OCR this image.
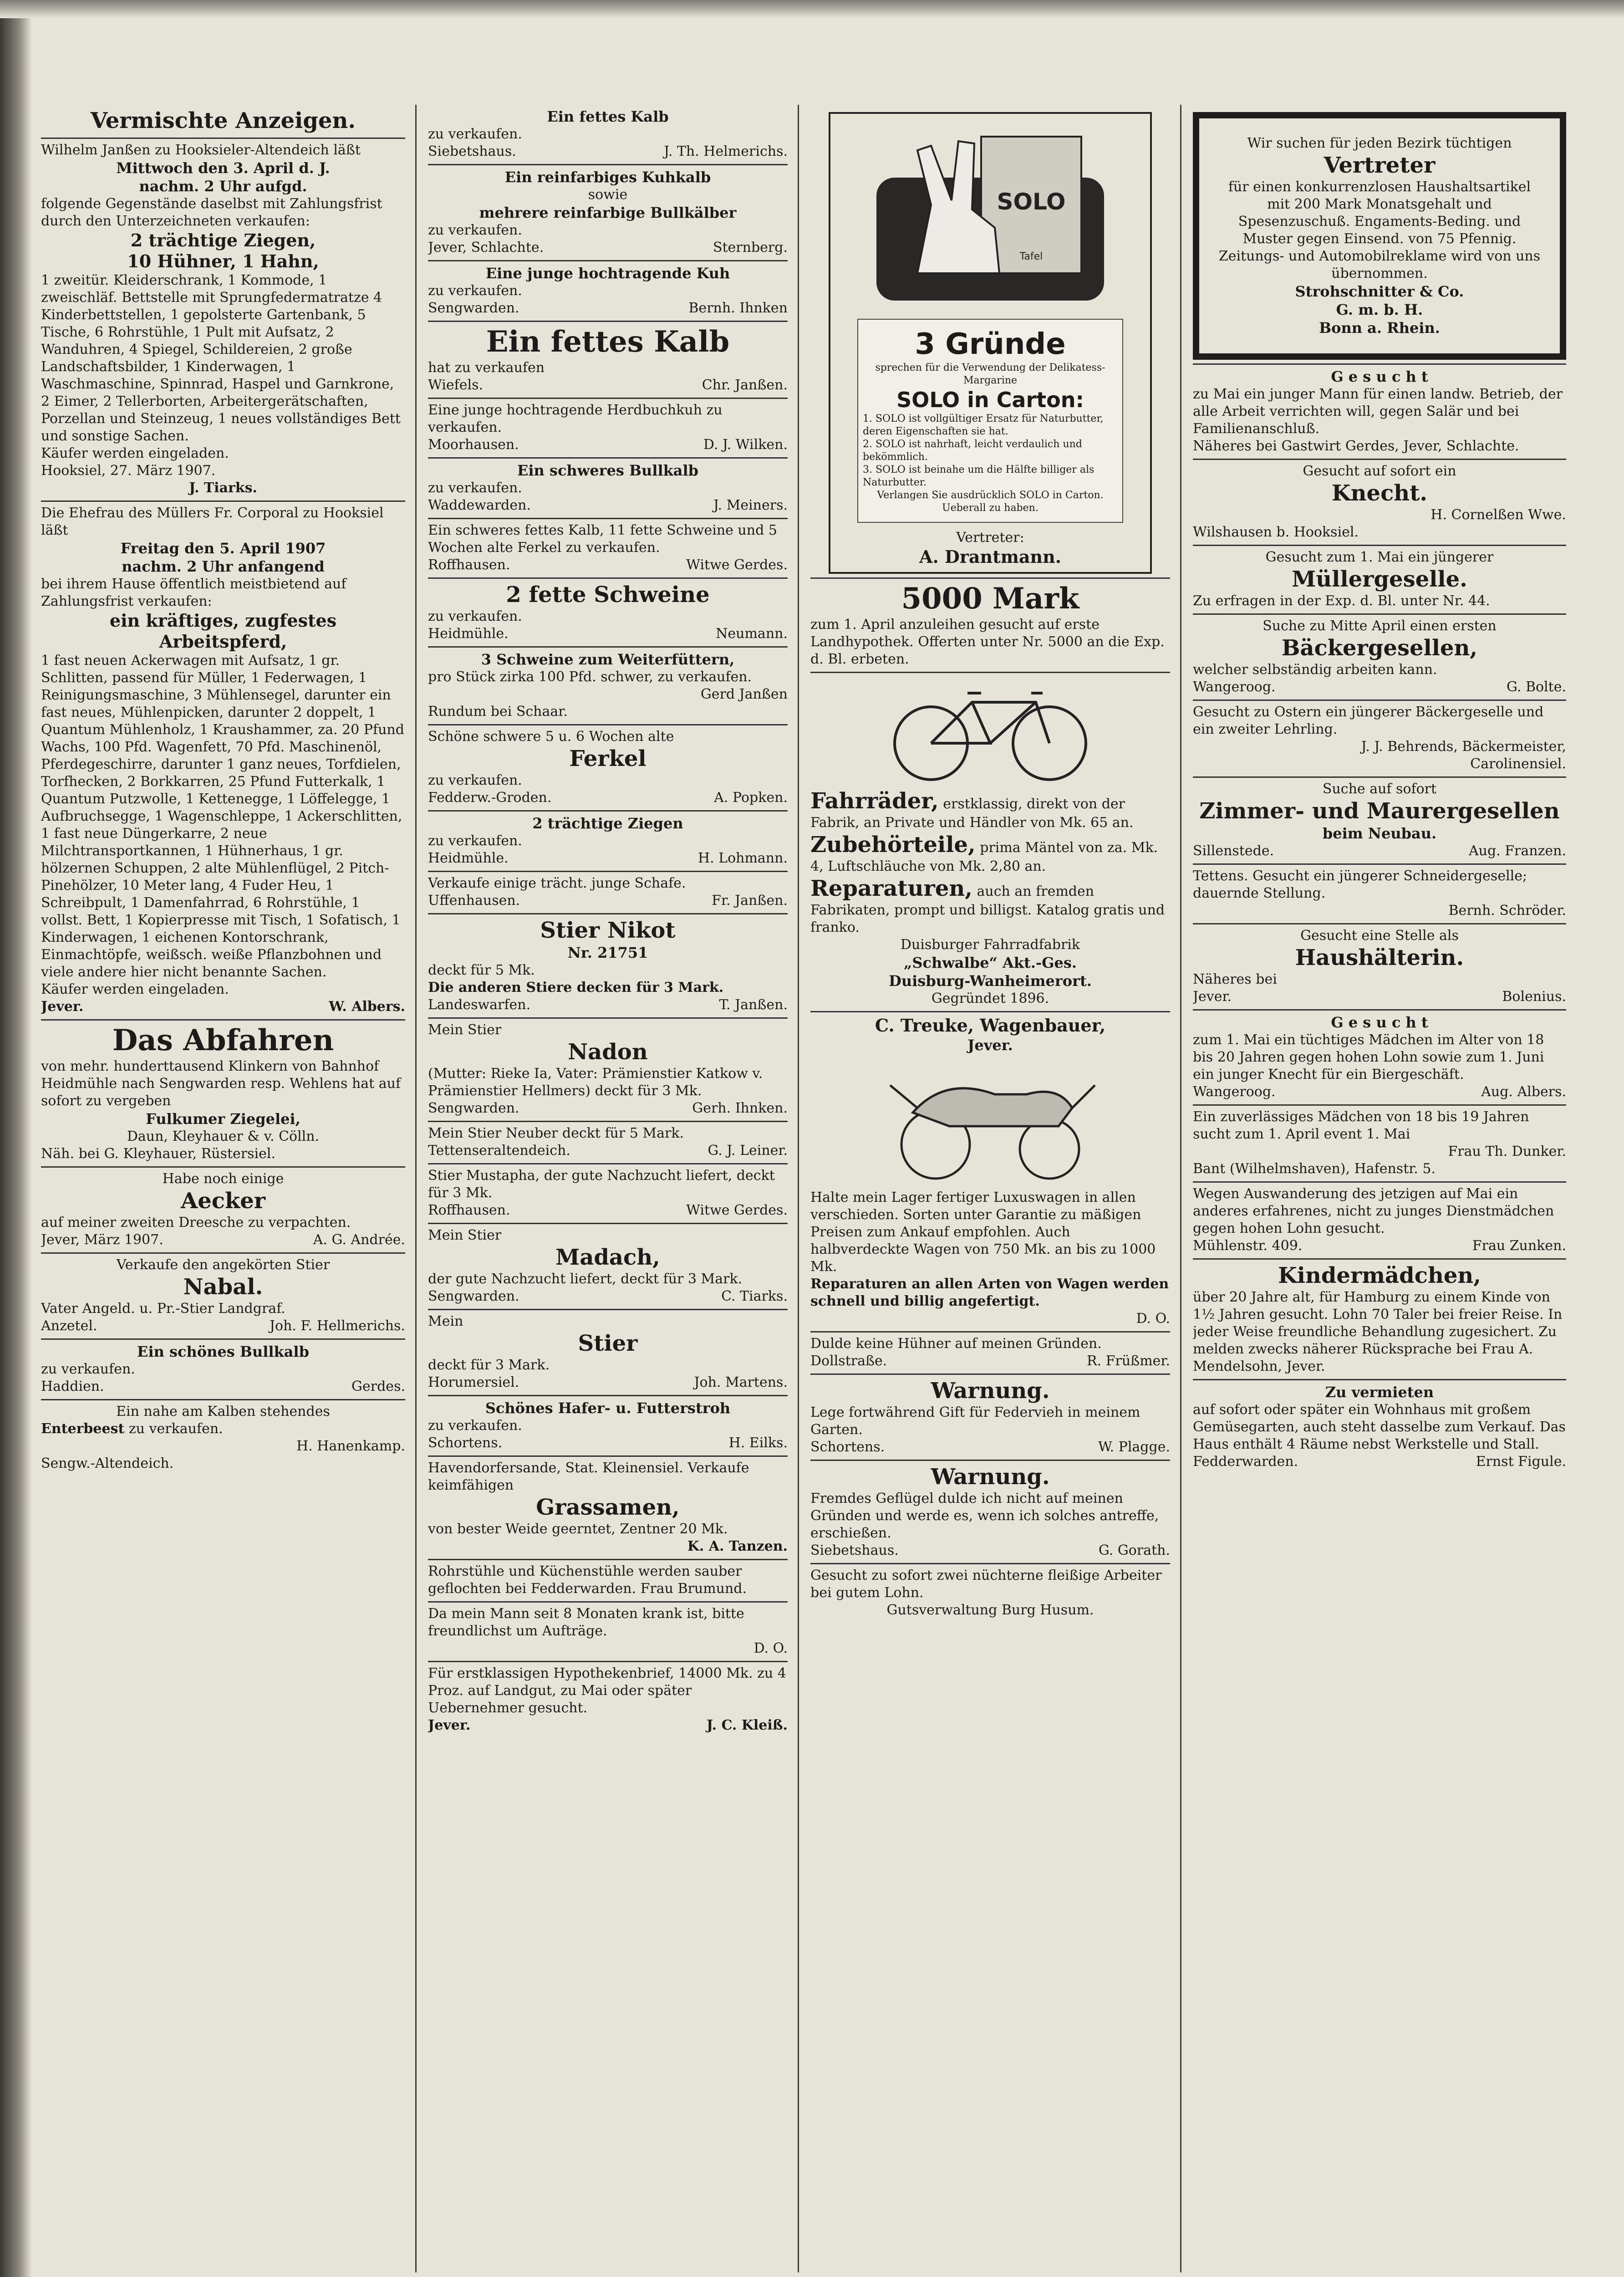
Vermischte Anzeigen.

Wilhelm Janßen zu Hooksieler-Altendeich läßt

Mittwoch den 3. April d. J.

nachm. 2 Uhr aufgd.

folgende Gegenstände daselbst mit Zahlungsfrist durch den Unterzeichneten verkaufen:

2 trächtige Ziegen,

10 Hühner, 1 Hahn,

1 zweitür. Kleiderschrank, 1 Kommode, 1 zweischläf. Bettstelle mit Sprungfedermatratze 4 Kinderbettstellen, 1 gepolsterte Gartenbank, 5 Tische, 6 Rohrstühle, 1 Pult mit Aufsatz, 2 Wanduhren, 4 Spiegel, Schildereien, 2 große Landschaftsbilder, 1 Kinderwagen, 1 Waschmaschine, Spinnrad, Haspel und Garnkrone, 2 Eimer, 2 Tellerborten, Arbeitergerätschaften, Porzellan und Steinzeug, 1 neues vollständiges Bett und sonstige Sachen.

Käufer werden eingeladen.

Hooksiel, 27. März 1907.

J. Tiarks.

Die Ehefrau des Müllers Fr. Corporal zu Hooksiel läßt

Freitag den 5. April 1907

nachm. 2 Uhr anfangend

bei ihrem Hause öffentlich meistbietend auf Zahlungsfrist verkaufen:

ein kräftiges, zugfestes

Arbeitspferd,

1 fast neuen Ackerwagen mit Aufsatz, 1 gr. Schlitten, passend für Müller, 1 Federwagen, 1 Reinigungsmaschine, 3 Mühlensegel, darunter ein fast neues, Mühlenpicken, darunter 2 doppelt, 1 Quantum Mühlenholz, 1 Kraushammer, za. 20 Pfund Wachs, 100 Pfd. Wagenfett, 70 Pfd. Maschinenöl, Pferdegeschirre, darunter 1 ganz neues, Torfdielen, Torfhecken, 2 Borkkarren, 25 Pfund Futterkalk, 1 Quantum Putzwolle, 1 Kettenegge, 1 Löffelegge, 1 Aufbruchsegge, 1 Wagenschleppe, 1 Ackerschlitten, 1 fast neue Düngerkarre, 2 neue Milchtransportkannen, 1 Hühnerhaus, 1 gr. hölzernen Schuppen, 2 alte Mühlenflügel, 2 Pitch-Pinehölzer, 10 Meter lang, 4 Fuder Heu, 1 Schreibpult, 1 Damenfahrrad, 6 Rohrstühle, 1 vollst. Bett, 1 Kopierpresse mit Tisch, 1 Sofatisch, 1 Kinderwagen, 1 eichenen Kontorschrank, Einmachtöpfe, weißsch. weiße Pflanzbohnen und viele andere hier nicht benannte Sachen.

Käufer werden eingeladen.

Jever.	W. Albers.

Das Abfahren

von mehr. hunderttausend Klinkern von Bahnhof Heidmühle nach Sengwarden resp. Wehlens hat auf sofort zu vergeben

Fulkumer Ziegelei,

Daun, Kleyhauer & v. Cölln.

Näh. bei G. Kleyhauer, Rüstersiel.

Habe noch einige

Aecker

auf meiner zweiten Dreesche zu verpachten.

Jever, März 1907.	A. G. Andrée.

Verkaufe den angekörten Stier

Nabal.

Vater Angeld. u. Pr.-Stier Landgraf.

Anzetel.	Joh. F. Hellmerichs.

Ein schönes Bullkalb

zu verkaufen.

Haddien.	Gerdes.

Ein nahe am Kalben stehendes

Enterbeest zu verkaufen.

H. Hanenkamp.

Sengw.-Altendeich.

Ein fettes Kalb

zu verkaufen.

Siebetshaus.	J. Th. Helmerichs.

Ein reinfarbiges Kuhkalb

sowie

mehrere reinfarbige Bullkälber

zu verkaufen.

Jever, Schlachte.	Sternberg.

Eine junge hochtragende Kuh

zu verkaufen.

Sengwarden.	Bernh. Ihnken

Ein fettes Kalb

hat zu verkaufen

Wiefels.	Chr. Janßen.

Eine junge hochtragende Herdbuchkuh zu verkaufen.

Moorhausen.	D. J. Wilken.

Ein schweres Bullkalb

zu verkaufen.

Waddewarden.	J. Meiners.

Ein schweres fettes Kalb, 11 fette Schweine und 5 Wochen alte Ferkel zu verkaufen.

Roffhausen.	Witwe Gerdes.

2 fette Schweine

zu verkaufen.

Heidmühle.	Neumann.

3 Schweine zum Weiterfüttern,

pro Stück zirka 100 Pfd. schwer, zu verkaufen.

Gerd Janßen

Rundum bei Schaar.

Schöne schwere 5 u. 6 Wochen alte

Ferkel

zu verkaufen.

Fedderw.-Groden.	A. Popken.

2 trächtige Ziegen

zu verkaufen.

Heidmühle.	H. Lohmann.

Verkaufe einige trächt. junge Schafe.

Uffenhausen.	Fr. Janßen.

Stier Nikot

Nr. 21751

deckt für 5 Mk.

Die anderen Stiere decken für 3 Mark.

Landeswarfen.	T. Janßen.

Mein Stier

Nadon

(Mutter: Rieke Ia, Vater: Prämienstier Katkow v. Prämienstier Hellmers) deckt für 3 Mk.

Sengwarden.	Gerh. Ihnken.

Mein Stier Neuber deckt für 5 Mark.

Tettenseraltendeich.	G. J. Leiner.

Stier Mustapha, der gute Nachzucht liefert, deckt für 3 Mk.

Roffhausen.	Witwe Gerdes.

Mein Stier

Madach,

der gute Nachzucht liefert, deckt für 3 Mark.

Sengwarden.	C. Tiarks.

Mein

Stier

deckt für 3 Mark.

Horumersiel.	Joh. Martens.

Schönes Hafer- u. Futterstroh

zu verkaufen.

Schortens.	H. Eilks.

Havendorfersande, Stat. Kleinensiel. Verkaufe keimfähigen

Grassamen,

von bester Weide geerntet, Zentner 20 Mk.

K. A. Tanzen.

Rohrstühle und Küchenstühle werden sauber geflochten bei Fedderwarden. Frau Brumund.

Da mein Mann seit 8 Monaten krank ist, bitte freundlichst um Aufträge.

D. O.

Für erstklassigen Hypothekenbrief, 14000 Mk. zu 4 Proz. auf Landgut, zu Mai oder später Uebernehmer gesucht.

Jever.	J. C. Kleiß.
SOLO
Tafel

3 Gründe

sprechen für die Verwendung der Delikatess-Margarine

SOLO in Carton:

1. SOLO ist vollgültiger Ersatz für Naturbutter, deren Eigenschaften sie hat.

2. SOLO ist nahrhaft, leicht verdaulich und bekömmlich.

3. SOLO ist beinahe um die Hälfte billiger als Naturbutter.

Verlangen Sie ausdrücklich SOLO in Carton. Ueberall zu haben.

Vertreter:

A. Drantmann.

5000 Mark

zum 1. April anzuleihen gesucht auf erste Landhypothek. Offerten unter Nr. 5000 an die Exp. d. Bl. erbeten.

Fahrräder, erstklassig, direkt von der Fabrik, an Private und Händler von Mk. 65 an.

Zubehörteile, prima Mäntel von za. Mk. 4, Luftschläuche von Mk. 2,80 an.

Reparaturen, auch an fremden Fabrikaten, prompt und billigst. Katalog gratis und franko.

Duisburger Fahrradfabrik

„Schwalbe“ Akt.-Ges.

Duisburg-Wanheimerort.

Gegründet 1896.

C. Treuke, Wagenbauer,

Jever.

Halte mein Lager fertiger Luxuswagen in allen verschieden. Sorten unter Garantie zu mäßigen Preisen zum Ankauf empfohlen. Auch halbverdeckte Wagen von 750 Mk. an bis zu 1000 Mk.

Reparaturen an allen Arten von Wagen werden schnell und billig angefertigt.

D. O.

Dulde keine Hühner auf meinen Gründen.

Dollstraße.	R. Früßmer.

Warnung.

Lege fortwährend Gift für Federvieh in meinem Garten.

Schortens.	W. Plagge.

Warnung.

Fremdes Geflügel dulde ich nicht auf meinen Gründen und werde es, wenn ich solches antreffe, erschießen.

Siebetshaus.	G. Gorath.

Gesucht zu sofort zwei nüchterne fleißige Arbeiter bei gutem Lohn.

Gutsverwaltung Burg Husum.

Wir suchen für jeden Bezirk tüchtigen

Vertreter

für einen konkurrenzlosen Haushaltsartikel mit 200 Mark Monatsgehalt und Spesenzuschuß. Engaments-Beding. und Muster gegen Einsend. von 75 Pfennig. Zeitungs- und Automobilreklame wird von uns übernommen.

Strohschnitter & Co.

G. m. b. H.

Bonn a. Rhein.

G e s u c h t

zu Mai ein junger Mann für einen landw. Betrieb, der alle Arbeit verrichten will, gegen Salär und bei Familienanschluß.

Näheres bei Gastwirt Gerdes, Jever, Schlachte.

Gesucht auf sofort ein

Knecht.

H. Cornelßen Wwe.

Wilshausen b. Hooksiel.

Gesucht zum 1. Mai ein jüngerer

Müllergeselle.

Zu erfragen in der Exp. d. Bl. unter Nr. 44.

Suche zu Mitte April einen ersten

Bäckergesellen,

welcher selbständig arbeiten kann.

Wangeroog.	G. Bolte.

Gesucht zu Ostern ein jüngerer Bäckergeselle und ein zweiter Lehrling.

J. J. Behrends, Bäckermeister,

Carolinensiel.

Suche auf sofort

Zimmer- und Maurergesellen

beim Neubau.

Sillenstede.	Aug. Franzen.

Tettens. Gesucht ein jüngerer Schneidergeselle; dauernde Stellung.

Bernh. Schröder.

Gesucht eine Stelle als

Haushälterin.

Näheres bei

Jever.	Bolenius.

G e s u c h t

zum 1. Mai ein tüchtiges Mädchen im Alter von 18 bis 20 Jahren gegen hohen Lohn sowie zum 1. Juni ein junger Knecht für ein Biergeschäft.

Wangeroog.	Aug. Albers.

Ein zuverlässiges Mädchen von 18 bis 19 Jahren sucht zum 1. April event 1. Mai

Frau Th. Dunker.

Bant (Wilhelmshaven), Hafenstr. 5.

Wegen Auswanderung des jetzigen auf Mai ein anderes erfahrenes, nicht zu junges Dienstmädchen gegen hohen Lohn gesucht.

Mühlenstr. 409.	Frau Zunken.

Kindermädchen,

über 20 Jahre alt, für Hamburg zu einem Kinde von 1½ Jahren gesucht. Lohn 70 Taler bei freier Reise. In jeder Weise freundliche Behandlung zugesichert. Zu melden zwecks näherer Rücksprache bei Frau A. Mendelsohn, Jever.

Zu vermieten

auf sofort oder später ein Wohnhaus mit großem Gemüsegarten, auch steht dasselbe zum Verkauf. Das Haus enthält 4 Räume nebst Werkstelle und Stall.

Fedderwarden.	Ernst Figule.
